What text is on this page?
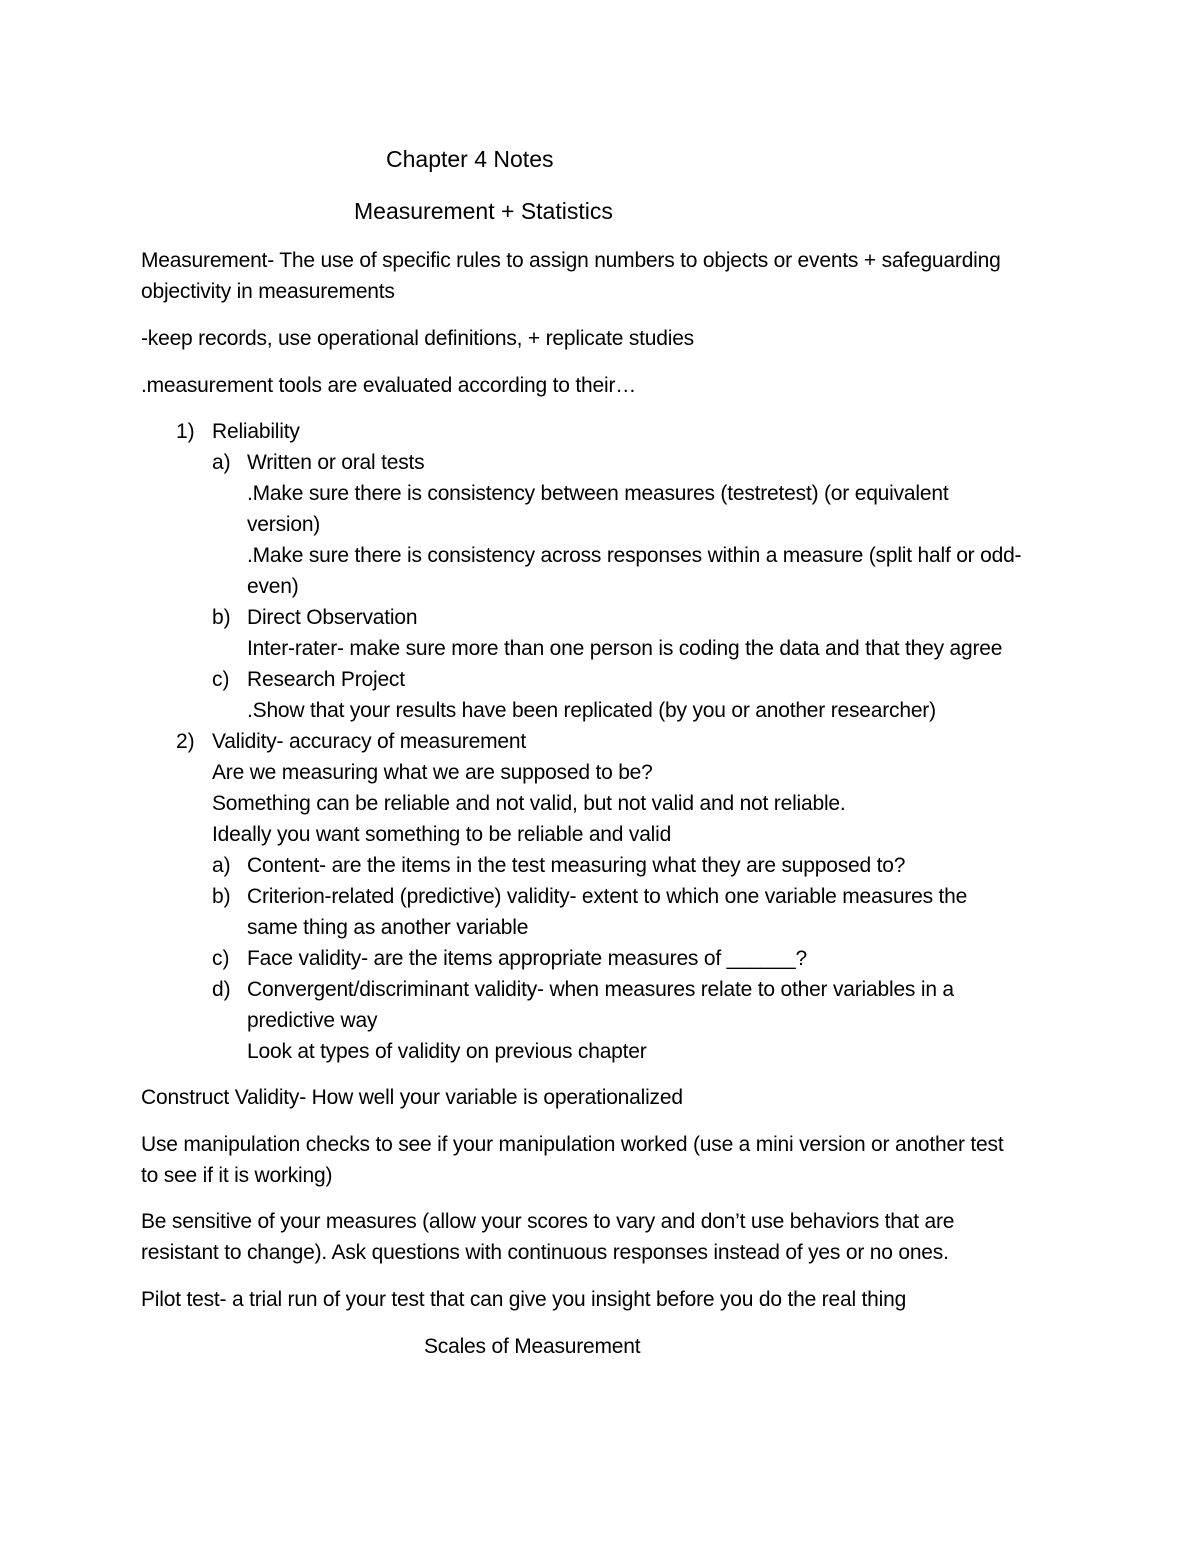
Chapter 4 Notes
Measurement + Statistics
Measurement- The use of specific rules to assign numbers to objects or events + safeguarding
objectivity in measurements
-keep records, use operational definitions, + replicate studies
.measurement tools are evaluated according to their…
1) Reliability
a) Written or oral tests
.Make sure there is consistency between measures (testretest) (or equivalent
version)
.Make sure there is consistency across responses within a measure (split half or odd-
even)
b) Direct Observation
Inter-rater- make sure more than one person is coding the data and that they agree
c) Research Project
.Show that your results have been replicated (by you or another researcher)
2) Validity- accuracy of measurement
Are we measuring what we are supposed to be?
Something can be reliable and not valid, but not valid and not reliable.
Ideally you want something to be reliable and valid
a) Content- are the items in the test measuring what they are supposed to?
b) Criterion-related (predictive) validity- extent to which one variable measures the
same thing as another variable
c) Face validity- are the items appropriate measures of ______?
d) Convergent/discriminant validity- when measures relate to other variables in a
predictive way
Look at types of validity on previous chapter
Construct Validity- How well your variable is operationalized
Use manipulation checks to see if your manipulation worked (use a mini version or another test
to see if it is working)
Be sensitive of your measures (allow your scores to vary and don’t use behaviors that are
resistant to change). Ask questions with continuous responses instead of yes or no ones.
Pilot test- a trial run of your test that can give you insight before you do the real thing
Scales of Measurement
